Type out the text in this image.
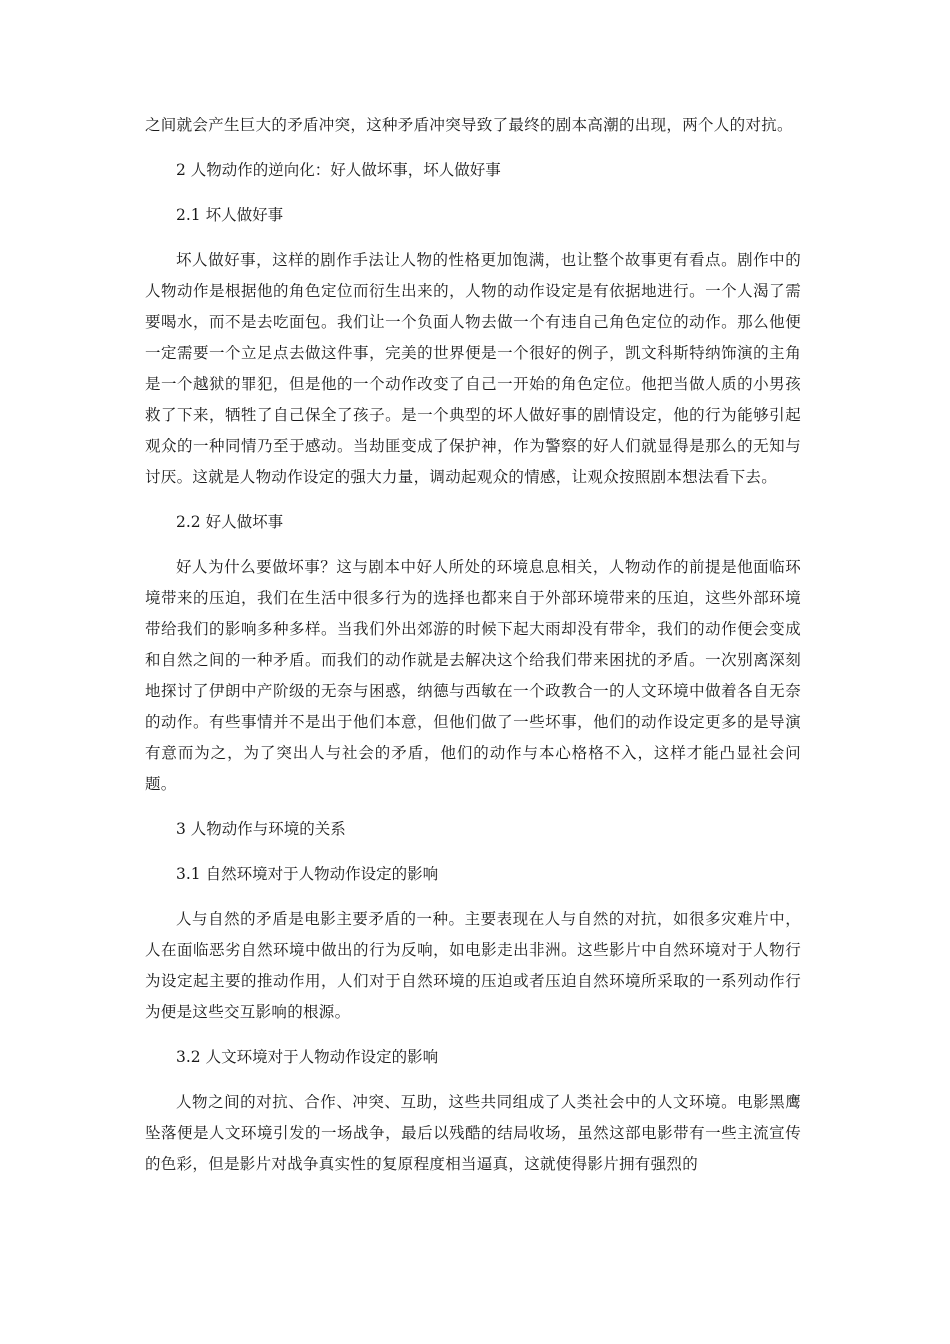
之间就会产生巨大的矛盾冲突，这种矛盾冲突导致了最终的剧本高潮的出现，两个人的对抗。

2 人物动作的逆向化：好人做坏事，坏人做好事

2.1 坏人做好事

坏人做好事，这样的剧作手法让人物的性格更加饱满，也让整个故事更有看点。剧作中的人物动作是根据他的角色定位而衍生出来的，人物的动作设定是有依据地进行。一个人渴了需要喝水，而不是去吃面包。我们让一个负面人物去做一个有违自己角色定位的动作。那么他便一定需要一个立足点去做这件事，完美的世界便是一个很好的例子，凯文科斯特纳饰演的主角是一个越狱的罪犯，但是他的一个动作改变了自己一开始的角色定位。他把当做人质的小男孩救了下来，牺牲了自己保全了孩子。是一个典型的坏人做好事的剧情设定，他的行为能够引起观众的一种同情乃至于感动。当劫匪变成了保护神，作为警察的好人们就显得是那么的无知与讨厌。这就是人物动作设定的强大力量，调动起观众的情感，让观众按照剧本想法看下去。

2.2 好人做坏事

好人为什么要做坏事？这与剧本中好人所处的环境息息相关，人物动作的前提是他面临环境带来的压迫，我们在生活中很多行为的选择也都来自于外部环境带来的压迫，这些外部环境带给我们的影响多种多样。当我们外出郊游的时候下起大雨却没有带伞，我们的动作便会变成和自然之间的一种矛盾。而我们的动作就是去解决这个给我们带来困扰的矛盾。一次别离深刻地探讨了伊朗中产阶级的无奈与困惑，纳德与西敏在一个政教合一的人文环境中做着各自无奈的动作。有些事情并不是出于他们本意，但他们做了一些坏事，他们的动作设定更多的是导演有意而为之，为了突出人与社会的矛盾，他们的动作与本心格格不入，这样才能凸显社会问题。

3 人物动作与环境的关系

3.1 自然环境对于人物动作设定的影响

人与自然的矛盾是电影主要矛盾的一种。主要表现在人与自然的对抗，如很多灾难片中，人在面临恶劣自然环境中做出的行为反响，如电影走出非洲。这些影片中自然环境对于人物行为设定起主要的推动作用，人们对于自然环境的压迫或者压迫自然环境所采取的一系列动作行为便是这些交互影响的根源。

3.2 人文环境对于人物动作设定的影响

人物之间的对抗、合作、冲突、互助，这些共同组成了人类社会中的人文环境。电影黑鹰坠落便是人文环境引发的一场战争，最后以残酷的结局收场，虽然这部电影带有一些主流宣传的色彩，但是影片对战争真实性的复原程度相当逼真，这就使得影片拥有强烈的
